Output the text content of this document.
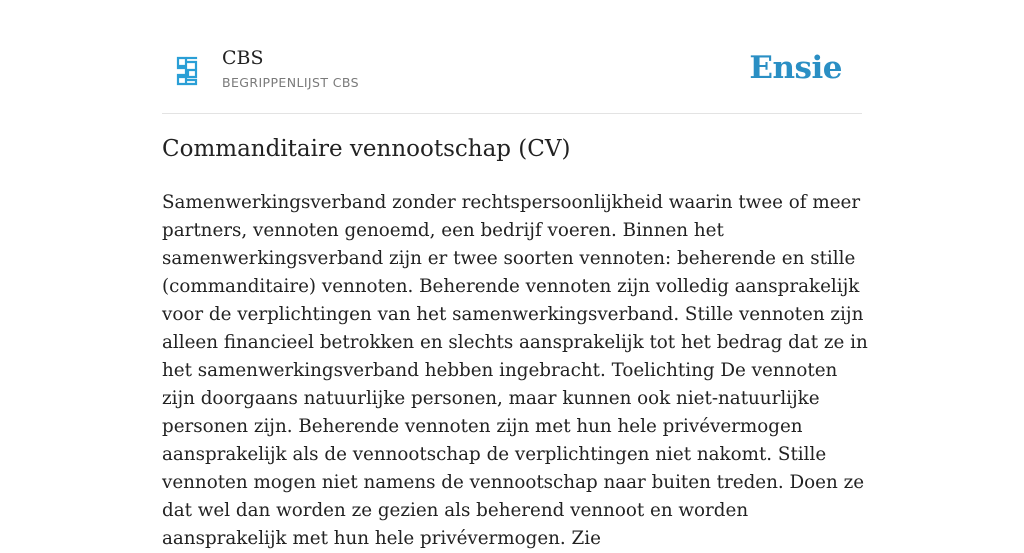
CBS
BEGRIPPENLIJST CBS	Ensie
Commanditaire vennootschap (CV)

Samenwerkingsverband zonder rechtspersoonlijkheid waarin twee of meer partners, vennoten genoemd, een bedrijf voeren. Binnen het samenwerkingsverband zijn er twee soorten vennoten: beherende en stille (commanditaire) vennoten. Beherende vennoten zijn volledig aansprakelijk voor de verplichtingen van het samenwerkingsverband. Stille vennoten zijn alleen financieel betrokken en slechts aansprakelijk tot het bedrag dat ze in het samenwerkingsverband hebben ingebracht. Toelichting De vennoten zijn doorgaans natuurlijke personen, maar kunnen ook niet-natuurlijke personen zijn. Beherende vennoten zijn met hun hele privévermogen aansprakelijk als de vennootschap de verplichtingen niet nakomt. Stille vennoten mogen niet namens de vennootschap naar buiten treden. Doen ze dat wel dan worden ze gezien als beherend vennoot en worden aansprakelijk met hun hele privévermogen. Zie
